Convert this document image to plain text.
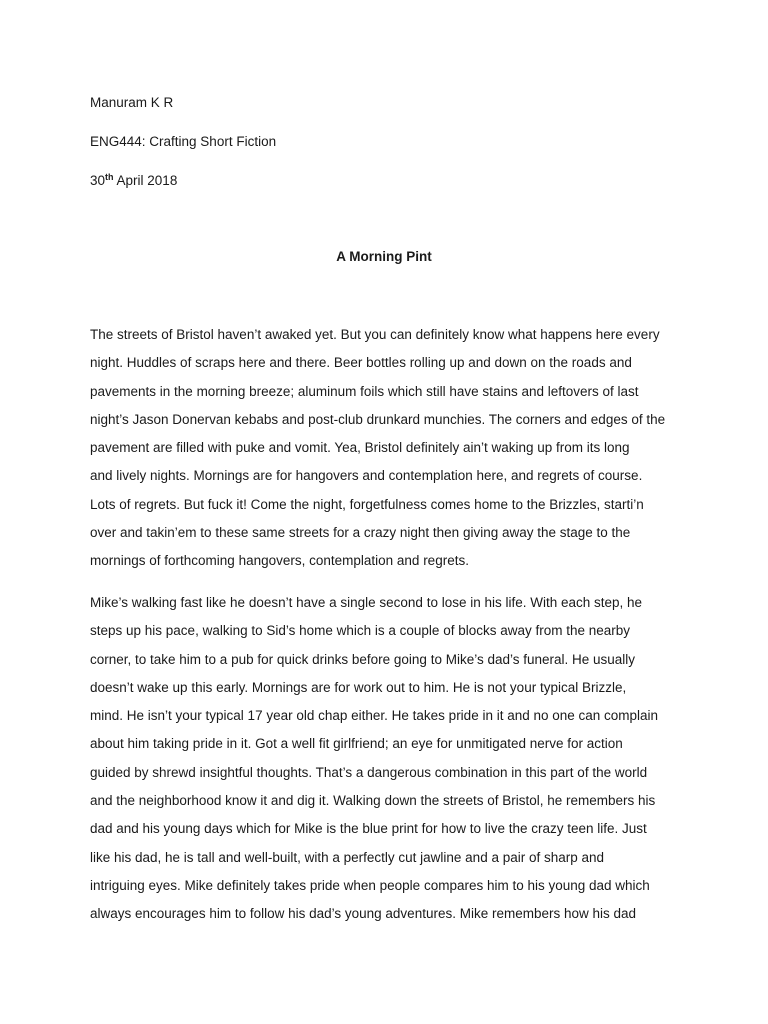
Manuram K R
ENG444: Crafting Short Fiction
30th April 2018
A Morning Pint

The streets of Bristol haven’t awaked yet. But you can definitely know what happens here every
night. Huddles of scraps here and there. Beer bottles rolling up and down on the roads and
pavements in the morning breeze; aluminum foils which still have stains and leftovers of last
night’s Jason Donervan kebabs and post-club drunkard munchies. The corners and edges of the
pavement are filled with puke and vomit. Yea, Bristol definitely ain’t waking up from its long
and lively nights. Mornings are for hangovers and contemplation here, and regrets of course.
Lots of regrets. But fuck it! Come the night, forgetfulness comes home to the Brizzles, starti’n
over and takin’em to these same streets for a crazy night then giving away the stage to the
mornings of forthcoming hangovers, contemplation and regrets.

Mike’s walking fast like he doesn’t have a single second to lose in his life. With each step, he
steps up his pace, walking to Sid’s home which is a couple of blocks away from the nearby
corner, to take him to a pub for quick drinks before going to Mike’s dad’s funeral. He usually
doesn’t wake up this early. Mornings are for work out to him. He is not your typical Brizzle,
mind. He isn’t your typical 17 year old chap either. He takes pride in it and no one can complain
about him taking pride in it. Got a well fit girlfriend; an eye for unmitigated nerve for action
guided by shrewd insightful thoughts. That’s a dangerous combination in this part of the world
and the neighborhood know it and dig it. Walking down the streets of Bristol, he remembers his
dad and his young days which for Mike is the blue print for how to live the crazy teen life. Just
like his dad, he is tall and well-built, with a perfectly cut jawline and a pair of sharp and
intriguing eyes. Mike definitely takes pride when people compares him to his young dad which
always encourages him to follow his dad’s young adventures. Mike remembers how his dad
